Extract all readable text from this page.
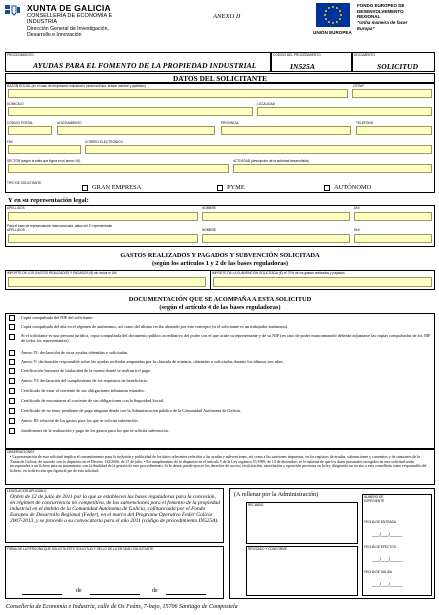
XUNTA DE GALICIA
CONSELLERÍA DE ECONOMÍA E
INDUSTRIA
Dirección General de Investigación,
Desarrollo e Innovación
ANEXO II
UNIÓN EUROPEA
FONDO EUROPEO DE
DESENVOLVEMENTO
REXIONAL
"Unha maneira de facer
Europa"
PROCEDIMIENTO
AYUDAS PARA EL FOMENTO DE LA PROPIEDAD INDUSTRIAL
CÓDIGO DEL PROCEDIMIENTO
IN525A
DOCUMENTO
SOLICITUD
DATOS DEL SOLICITANTE
RAZÓN SOCIAL (en el caso de empresario individual o persona física, indicar nombre y apellidos)	CIF/NIF
DOMICILIO	LOCALIDAD
CÓDIGO POSTAL	AYUNTAMIENTO	PROVINCIA	TELÉFONO
FAX	CORREO ELECTRÓNICO
SECTOR (según la tabla que figura en el anexo VII)	ACTIVIDAD (descripción de la actividad desarrollada)
TIPO DE SOLICITANTE
GRAN EMPRESA	PYME	AUTÓNOMO
Y en su representación legal:
APELLIDOS	NOMBRE	DNI
Para el caso de representación mancomunada, datos del 2º representante
APELLIDOS	NOMBRE	DNI
GASTOS REALIZADOS Y PAGADOS Y SUBVENCIÓN SOLICITADA
(según los artículos 1 y 2 de las bases reguladoras)
IMPORTE DE LOS GASTOS REALIZADOS Y PAGADOS (€) sin incluir el IVA	IMPORTE DE LA SUBVENCIÓN SOLICITADA (€), el 70% de los gastos realizados y pagados
DOCUMENTACIÓN QUE SE ACOMPAÑA A ESTA SOLICITUD
(según el artículo 4 de las bases reguladoras)
Copia compulsada del NIF del solicitante.
Copia compulsada del alta en el régimen de autónomos, así como del último recibo abonado por este concepto (si el solicitante es un trabajador autónomo).
Si el solicitante es una persona jurídica, copia compulsada del documento público acreditativo del poder con el que actúe su representante y de su NIF (en caso de poder mancomunado deberán adjuntarse las copias compulsadas de los NIF de todos los representantes).
Anexo IV: declaración de otras ayudas obtenidas o solicitadas.
Anexo V: declaración responsable sobre las ayudas recibidas amparadas por la cláusula de minimis, obtenidas o solicitadas durante los últimos tres años.
Certificación bancaria de titularidad de la cuenta donde se realizará el pago.
Anexo VI: declaración del cumplimiento de los requisitos de beneficiario.
Certificado de estar al corriente de sus obligaciones tributarias estatales.
Certificado de encontrarse al corriente de sus obligaciones con la Seguridad Social.
Certificado de no tener pendiente de pago ninguna deuda con la Administración pública de la Comunidad Autónoma de Galicia.
Anexo III: relación de los gastos para los que se solicita subvención.
Justificantes de la realización y pago de los gastos para los que se solicita subvención.
OBSERVACIONES
• La presentación de esta solicitud implica el consentimiento para la inclusión y publicidad de los datos relevantes referidos a las ayudas y subvenciones, así como a las sanciones impuestas, en los registros de ayudas, subvenciones y convenios y de sanciones de la Xunta de Galicia, de acuerdo con lo dispuesto en el Decreto 132/2006, de 27 de julio. • En cumplimiento de lo dispuesto en el artículo 5 de la Ley orgánica 15/1999, de 13 de diciembre, se le informa de que los datos personales recogidos en este solicitud serán incorporados a un fichero para su tratamiento, con la finalidad de la gestión de este procedimiento. Si lo desea, puede ejercer los derechos de acceso, rectificación, cancelación y oposición previstos en la ley, dirigiendo un escrito a esta consellería como responsable del fichero, en la dirección que figura al pie de esta solicitud.
LEGISLACIÓN APLICABLE
Orden de 12 de julio de 2011 por la que se establecen las bases reguladoras para la concesión, en régimen de concurrencia no competitiva, de las subvenciones para el fomento de la propiedad industrial en el ámbito de la Comunidad Autónoma de Galicia, cofinanciada por el Fondo Europeo de Desarrollo Regional (Feder), en el marco del Programa Operativo Feder Galicia 2007-2013, y se procede a su convocatoria para el año 2011 (código de procedimiento IN525A).
FIRMA DE LA PERSONA QUE SOLICITA ESTE SOLICITUD Y SELLO DE LA ENTIDAD SOLICITANTE
de	de
(A rellenar por la Administración)
RECIBIDO
REVISADO Y CONFORME
NÚMERO DE EXPEDIENTE
FECHA DE ENTRADA
___/___/_____
FECHA DE EFECTOS
___/___/_____
FECHA DE SALIDA
___/___/_____
Consellería de Economía e Industria, calle de Os Feáns, 7-bajo, 15706 Santiago de Compostela
